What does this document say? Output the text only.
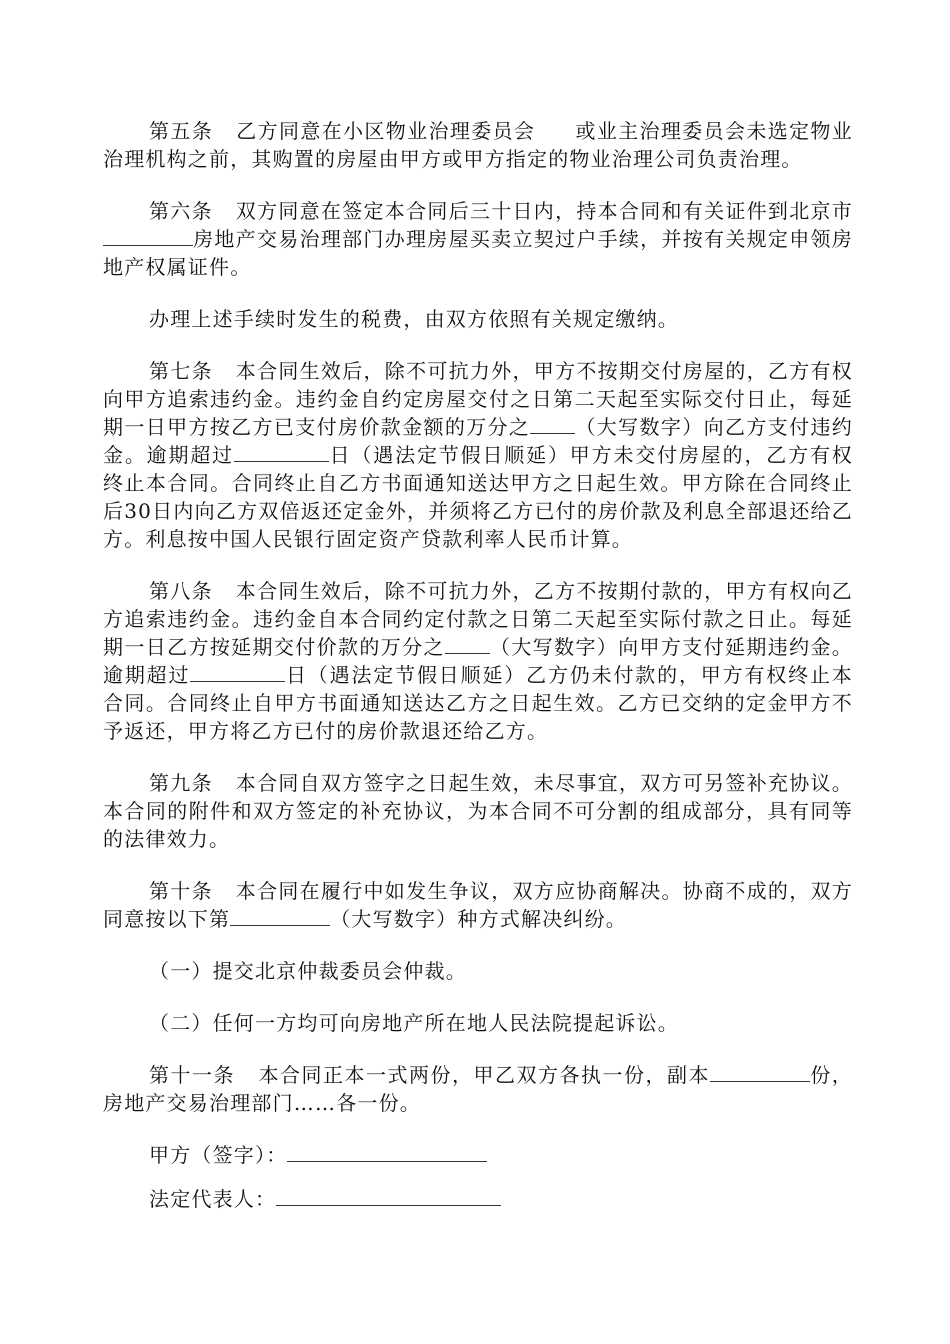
第五条 乙方同意在小区物业治理委员会 或业主治理委员会未选定物业治理机构之前，其购置的房屋由甲方或甲方指定的物业治理公司负责治理。

第六条 双方同意在签定本合同后三十日内，持本合同和有关证件到北京市房地产交易治理部门办理房屋买卖立契过户手续，并按有关规定申领房地产权属证件。

办理上述手续时发生的税费，由双方依照有关规定缴纳。

第七条 本合同生效后，除不可抗力外，甲方不按期交付房屋的，乙方有权向甲方追索违约金。违约金自约定房屋交付之日第二天起至实际交付日止，每延期一日甲方按乙方已支付房价款金额的万分之 （大写数字）向乙方支付违约金。逾期超过	日（遇法定节假日顺延）甲方未交付房屋的，乙方有权终止本合同。合同终止自乙方书面通知送达甲方之日起生效。甲方除在合同终止后30日内向乙方双倍返还定金外，并须将乙方已付的房价款及利息全部退还给乙方。利息按中国人民银行固定资产贷款利率人民币计算。

第八条 本合同生效后，除不可抗力外，乙方不按期付款的，甲方有权向乙方追索违约金。违约金自本合同约定付款之日第二天起至实际付款之日止。每延期一日乙方按延期交付价款的万分之 （大写数字）向甲方支付延期违约金。逾期超过	日（遇法定节假日顺延）乙方仍未付款的，甲方有权终止本合同。合同终止自甲方书面通知送达乙方之日起生效。乙方已交纳的定金甲方不予返还，甲方将乙方已付的房价款退还给乙方。

第九条 本合同自双方签字之日起生效，未尽事宜，双方可另签补充协议。本合同的附件和双方签定的补充协议，为本合同不可分割的组成部分，具有同等的法律效力。

第十条 本合同在履行中如发生争议，双方应协商解决。协商不成的，双方同意按以下第	（大写数字）种方式解决纠纷。

（一）提交北京仲裁委员会仲裁。

（二）任何一方均可向房地产所在地人民法院提起诉讼。

第十一条 本合同正本一式两份，甲乙双方各执一份，副本	份，房地产交易治理部门……各一份。

甲方（签字）：

法定代表人：
